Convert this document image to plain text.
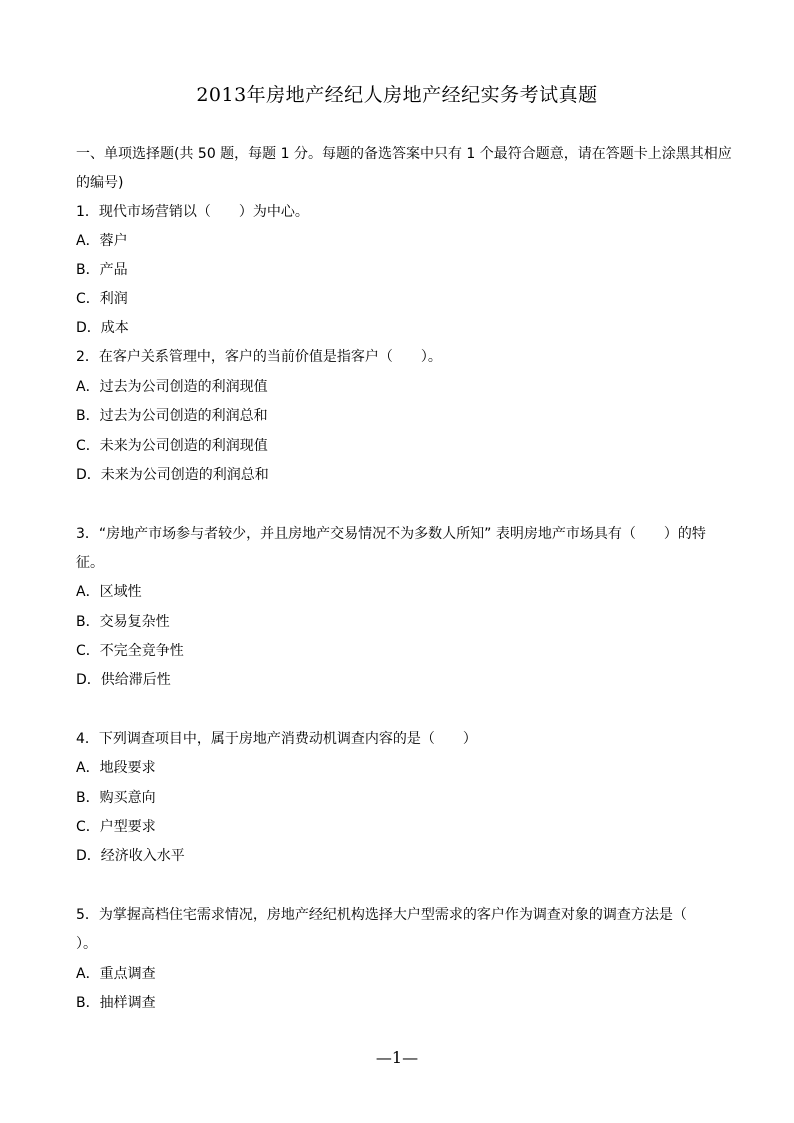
2013年房地产经纪人房地产经纪实务考试真题
一、单项选择题(共 50 题，每题 1 分。每题的备选答案中只有 1 个最符合题意，请在答题卡上涂黑其相应
的编号)
1．现代市场营销以（　　）为中心。
A．蓉户
B．产品
C．利润
D．成本
2．在客户关系管理中，客户的当前价值是指客户（　　）。
A．过去为公司创造的利润现值
B．过去为公司创造的利润总和
C．未来为公司创造的利润现值
D．未来为公司创造的利润总和
3．“房地产市场参与者较少，并且房地产交易情况不为多数人所知” 表明房地产市场具有（　　）的特
征。
A．区域性
B．交易复杂性
C．不完全竞争性
D．供给滞后性
4．下列调查项目中，属于房地产消费动机调查内容的是（　　）
A．地段要求
B．购买意向
C．户型要求
D．经济收入水平
5．为掌握高档住宅需求情况，房地产经纪机构选择大户型需求的客户作为调查对象的调查方法是（
）。
A．重点调查
B．抽样调查
—1—
